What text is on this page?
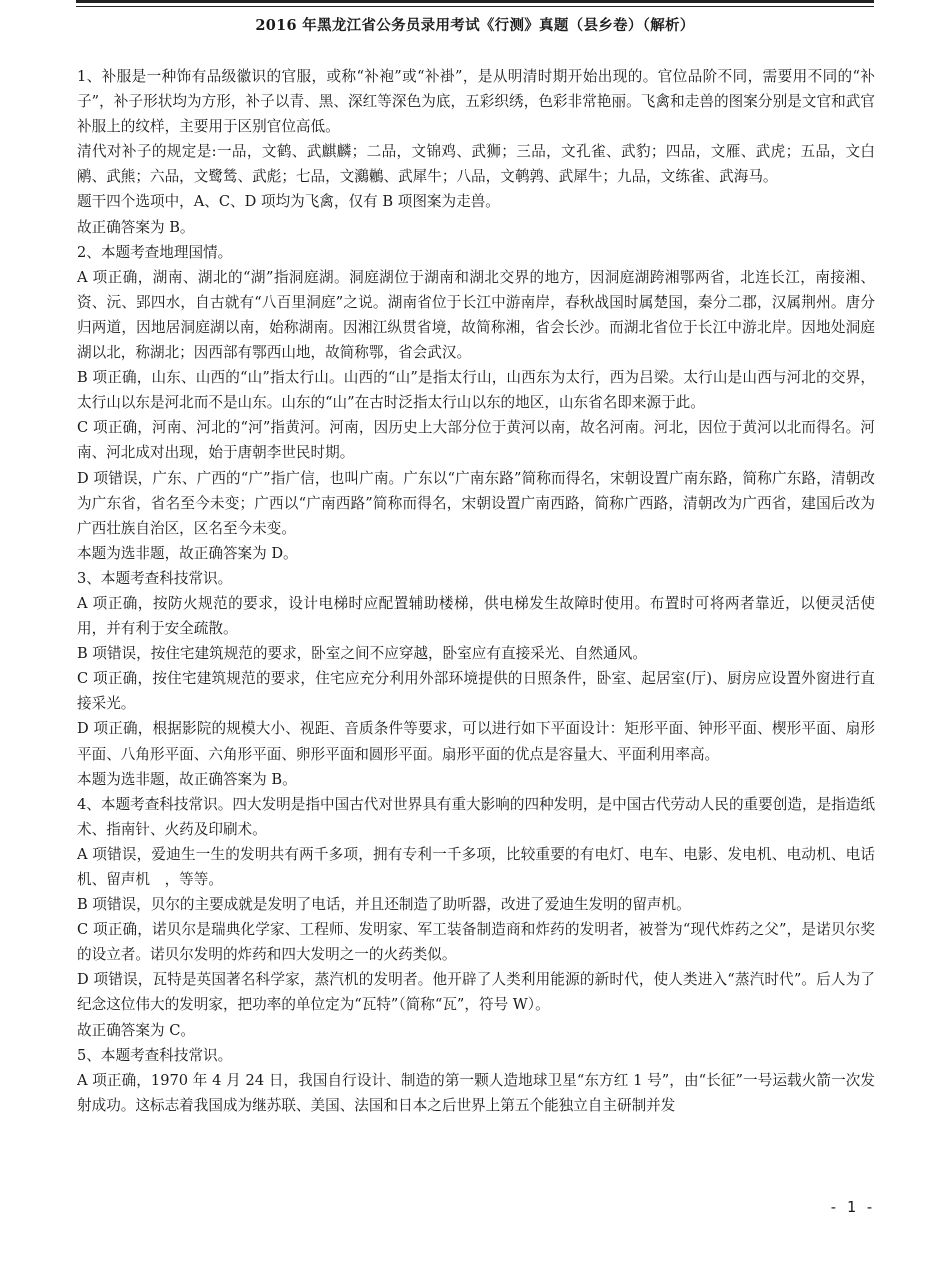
2016 年黑龙江省公务员录用考试《行测》真题（县乡卷）（解析）

1、补服是一种饰有品级徽识的官服，或称“补袍”或“补褂”，是从明清时期开始出现的。官位品阶不同，需要用不同的“补子”，补子形状均为方形，补子以青、黑、深红等深色为底，五彩织绣，色彩非常艳丽。飞禽和走兽的图案分别是文官和武官补服上的纹样，主要用于区别官位高低。

清代对补子的规定是:一品，文鹤、武麒麟；二品，文锦鸡、武狮；三品，文孔雀、武豹；四品，文雁、武虎；五品，文白鹇、武熊；六品，文鹭鸶、武彪；七品，文鸂鶒、武犀牛；八品，文鹌鹑、武犀牛；九品，文练雀、武海马。

题干四个选项中，A、C、D 项均为飞禽，仅有 B 项图案为走兽。

故正确答案为 B。

2、本题考查地理国情。

A 项正确，湖南、湖北的“湖”指洞庭湖。洞庭湖位于湖南和湖北交界的地方，因洞庭湖跨湘鄂两省，北连长江，南接湘、资、沅、郢四水，自古就有“八百里洞庭”之说。湖南省位于长江中游南岸，春秋战国时属楚国，秦分二郡，汉属荆州。唐分归两道，因地居洞庭湖以南，始称湖南。因湘江纵贯省境，故简称湘，省会长沙。而湖北省位于长江中游北岸。因地处洞庭湖以北，称湖北；因西部有鄂西山地，故简称鄂，省会武汉。

B 项正确，山东、山西的“山”指太行山。山西的“山”是指太行山，山西东为太行，西为吕梁。太行山是山西与河北的交界，太行山以东是河北而不是山东。山东的“山”在古时泛指太行山以东的地区，山东省名即来源于此。

C 项正确，河南、河北的“河”指黄河。河南，因历史上大部分位于黄河以南，故名河南。河北，因位于黄河以北而得名。河南、河北成对出现，始于唐朝李世民时期。

D 项错误，广东、广西的“广”指广信，也叫广南。广东以“广南东路”简称而得名，宋朝设置广南东路，简称广东路，清朝改为广东省，省名至今未变；广西以“广南西路”简称而得名，宋朝设置广南西路，简称广西路，清朝改为广西省，建国后改为广西壮族自治区，区名至今未变。

本题为选非题，故正确答案为 D。

3、本题考查科技常识。

A 项正确，按防火规范的要求，设计电梯时应配置辅助楼梯，供电梯发生故障时使用。布置时可将两者靠近，以便灵活使用，并有利于安全疏散。

B 项错误，按住宅建筑规范的要求，卧室之间不应穿越，卧室应有直接采光、自然通风。

C 项正确，按住宅建筑规范的要求，住宅应充分利用外部环境提供的日照条件，卧室、起居室(厅)、厨房应设置外窗进行直接采光。

D 项正确，根据影院的规模大小、视距、音质条件等要求，可以进行如下平面设计：矩形平面、钟形平面、楔形平面、扇形平面、八角形平面、六角形平面、卵形平面和圆形平面。扇形平面的优点是容量大、平面利用率高。

本题为选非题，故正确答案为 B。

4、本题考查科技常识。四大发明是指中国古代对世界具有重大影响的四种发明，是中国古代劳动人民的重要创造，是指造纸术、指南针、火药及印刷术。

A 项错误，爱迪生一生的发明共有两千多项，拥有专利一千多项，比较重要的有电灯、电车、电影、发电机、电动机、电话机、留声机　，等等。

B 项错误，贝尔的主要成就是发明了电话，并且还制造了助听器，改进了爱迪生发明的留声机。

C 项正确，诺贝尔是瑞典化学家、工程师、发明家、军工装备制造商和炸药的发明者，被誉为“现代炸药之父”，是诺贝尔奖的设立者。诺贝尔发明的炸药和四大发明之一的火药类似。

D 项错误，瓦特是英国著名科学家，蒸汽机的发明者。他开辟了人类利用能源的新时代，使人类进入“蒸汽时代”。后人为了纪念这位伟大的发明家，把功率的单位定为“瓦特”（简称“瓦”，符号 W）。

故正确答案为 C。

5、本题考查科技常识。

A 项正确，1970 年 4 月 24 日，我国自行设计、制造的第一颗人造地球卫星“东方红 1 号”，由“长征”一号运载火箭一次发射成功。这标志着我国成为继苏联、美国、法国和日本之后世界上第五个能独立自主研制并发

- 1 -
